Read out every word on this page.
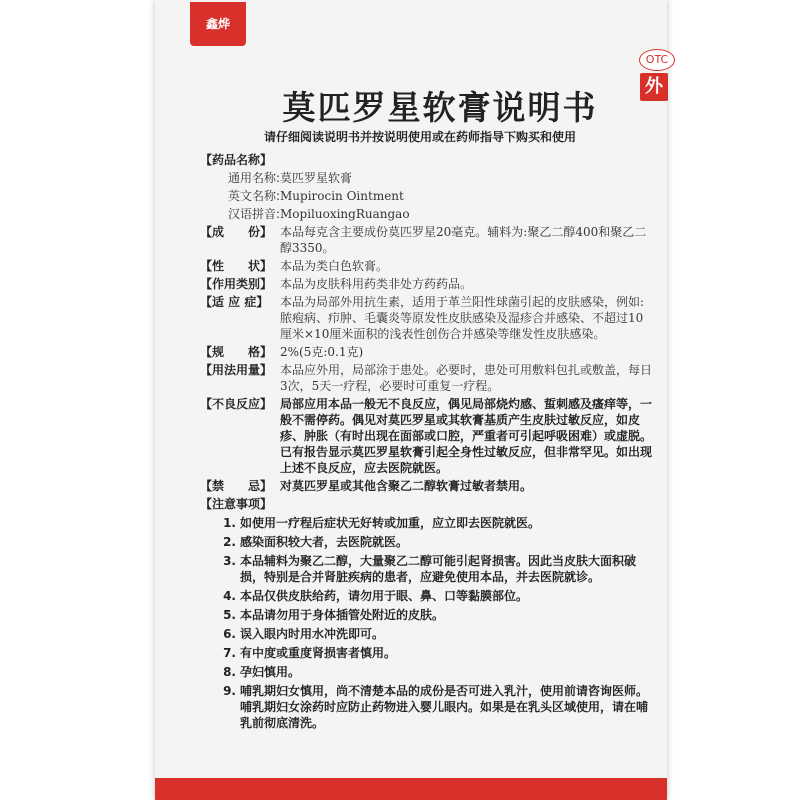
鑫烨
OTC
外
莫匹罗星软膏说明书
请仔细阅读说明书并按说明使用或在药师指导下购买和使用
【药品名称】
通用名称: 莫匹罗星软膏
英文名称: Mupirocin Ointment
汉语拼音: MopiluoxingRuangao
【成　　份】 本品每克含主要成份莫匹罗星20毫克。辅料为:聚乙二醇400和聚乙二醇3350。
【性　　状】 本品为类白色软膏。
【作用类别】 本品为皮肤科用药类非处方药药品。
【适 应 症】 本品为局部外用抗生素，适用于革兰阳性球菌引起的皮肤感染，例如:脓疱病、疖肿、毛囊炎等原发性皮肤感染及湿疹合并感染、不超过10厘米×10厘米面积的浅表性创伤合并感染等继发性皮肤感染。
【规　　格】 2%(5克:0.1克)
【用法用量】 本品应外用，局部涂于患处。必要时，患处可用敷料包扎或敷盖，每日3次，5天一疗程，必要时可重复一疗程。
【不良反应】 局部应用本品一般无不良反应，偶见局部烧灼感、蜇刺感及瘙痒等，一般不需停药。偶见对莫匹罗星或其软膏基质产生皮肤过敏反应，如皮疹、肿胀（有时出现在面部或口腔，严重者可引起呼吸困难）或虚脱。已有报告显示莫匹罗星软膏引起全身性过敏反应，但非常罕见。如出现上述不良反应，应去医院就医。
【禁　　忌】 对莫匹罗星或其他含聚乙二醇软膏过敏者禁用。
【注意事项】
1. 如使用一疗程后症状无好转或加重，应立即去医院就医。
2. 感染面积较大者，去医院就医。
3. 本品辅料为聚乙二醇，大量聚乙二醇可能引起肾损害。因此当皮肤大面积破损，特别是合并肾脏疾病的患者，应避免使用本品，并去医院就诊。
4. 本品仅供皮肤给药，请勿用于眼、鼻、口等黏膜部位。
5. 本品请勿用于身体插管处附近的皮肤。
6. 误入眼内时用水冲洗即可。
7. 有中度或重度肾损害者慎用。
8. 孕妇慎用。
9. 哺乳期妇女慎用，尚不清楚本品的成份是否可进入乳汁，使用前请咨询医师。哺乳期妇女涂药时应防止药物进入婴儿眼内。如果是在乳头区域使用，请在哺乳前彻底清洗。
